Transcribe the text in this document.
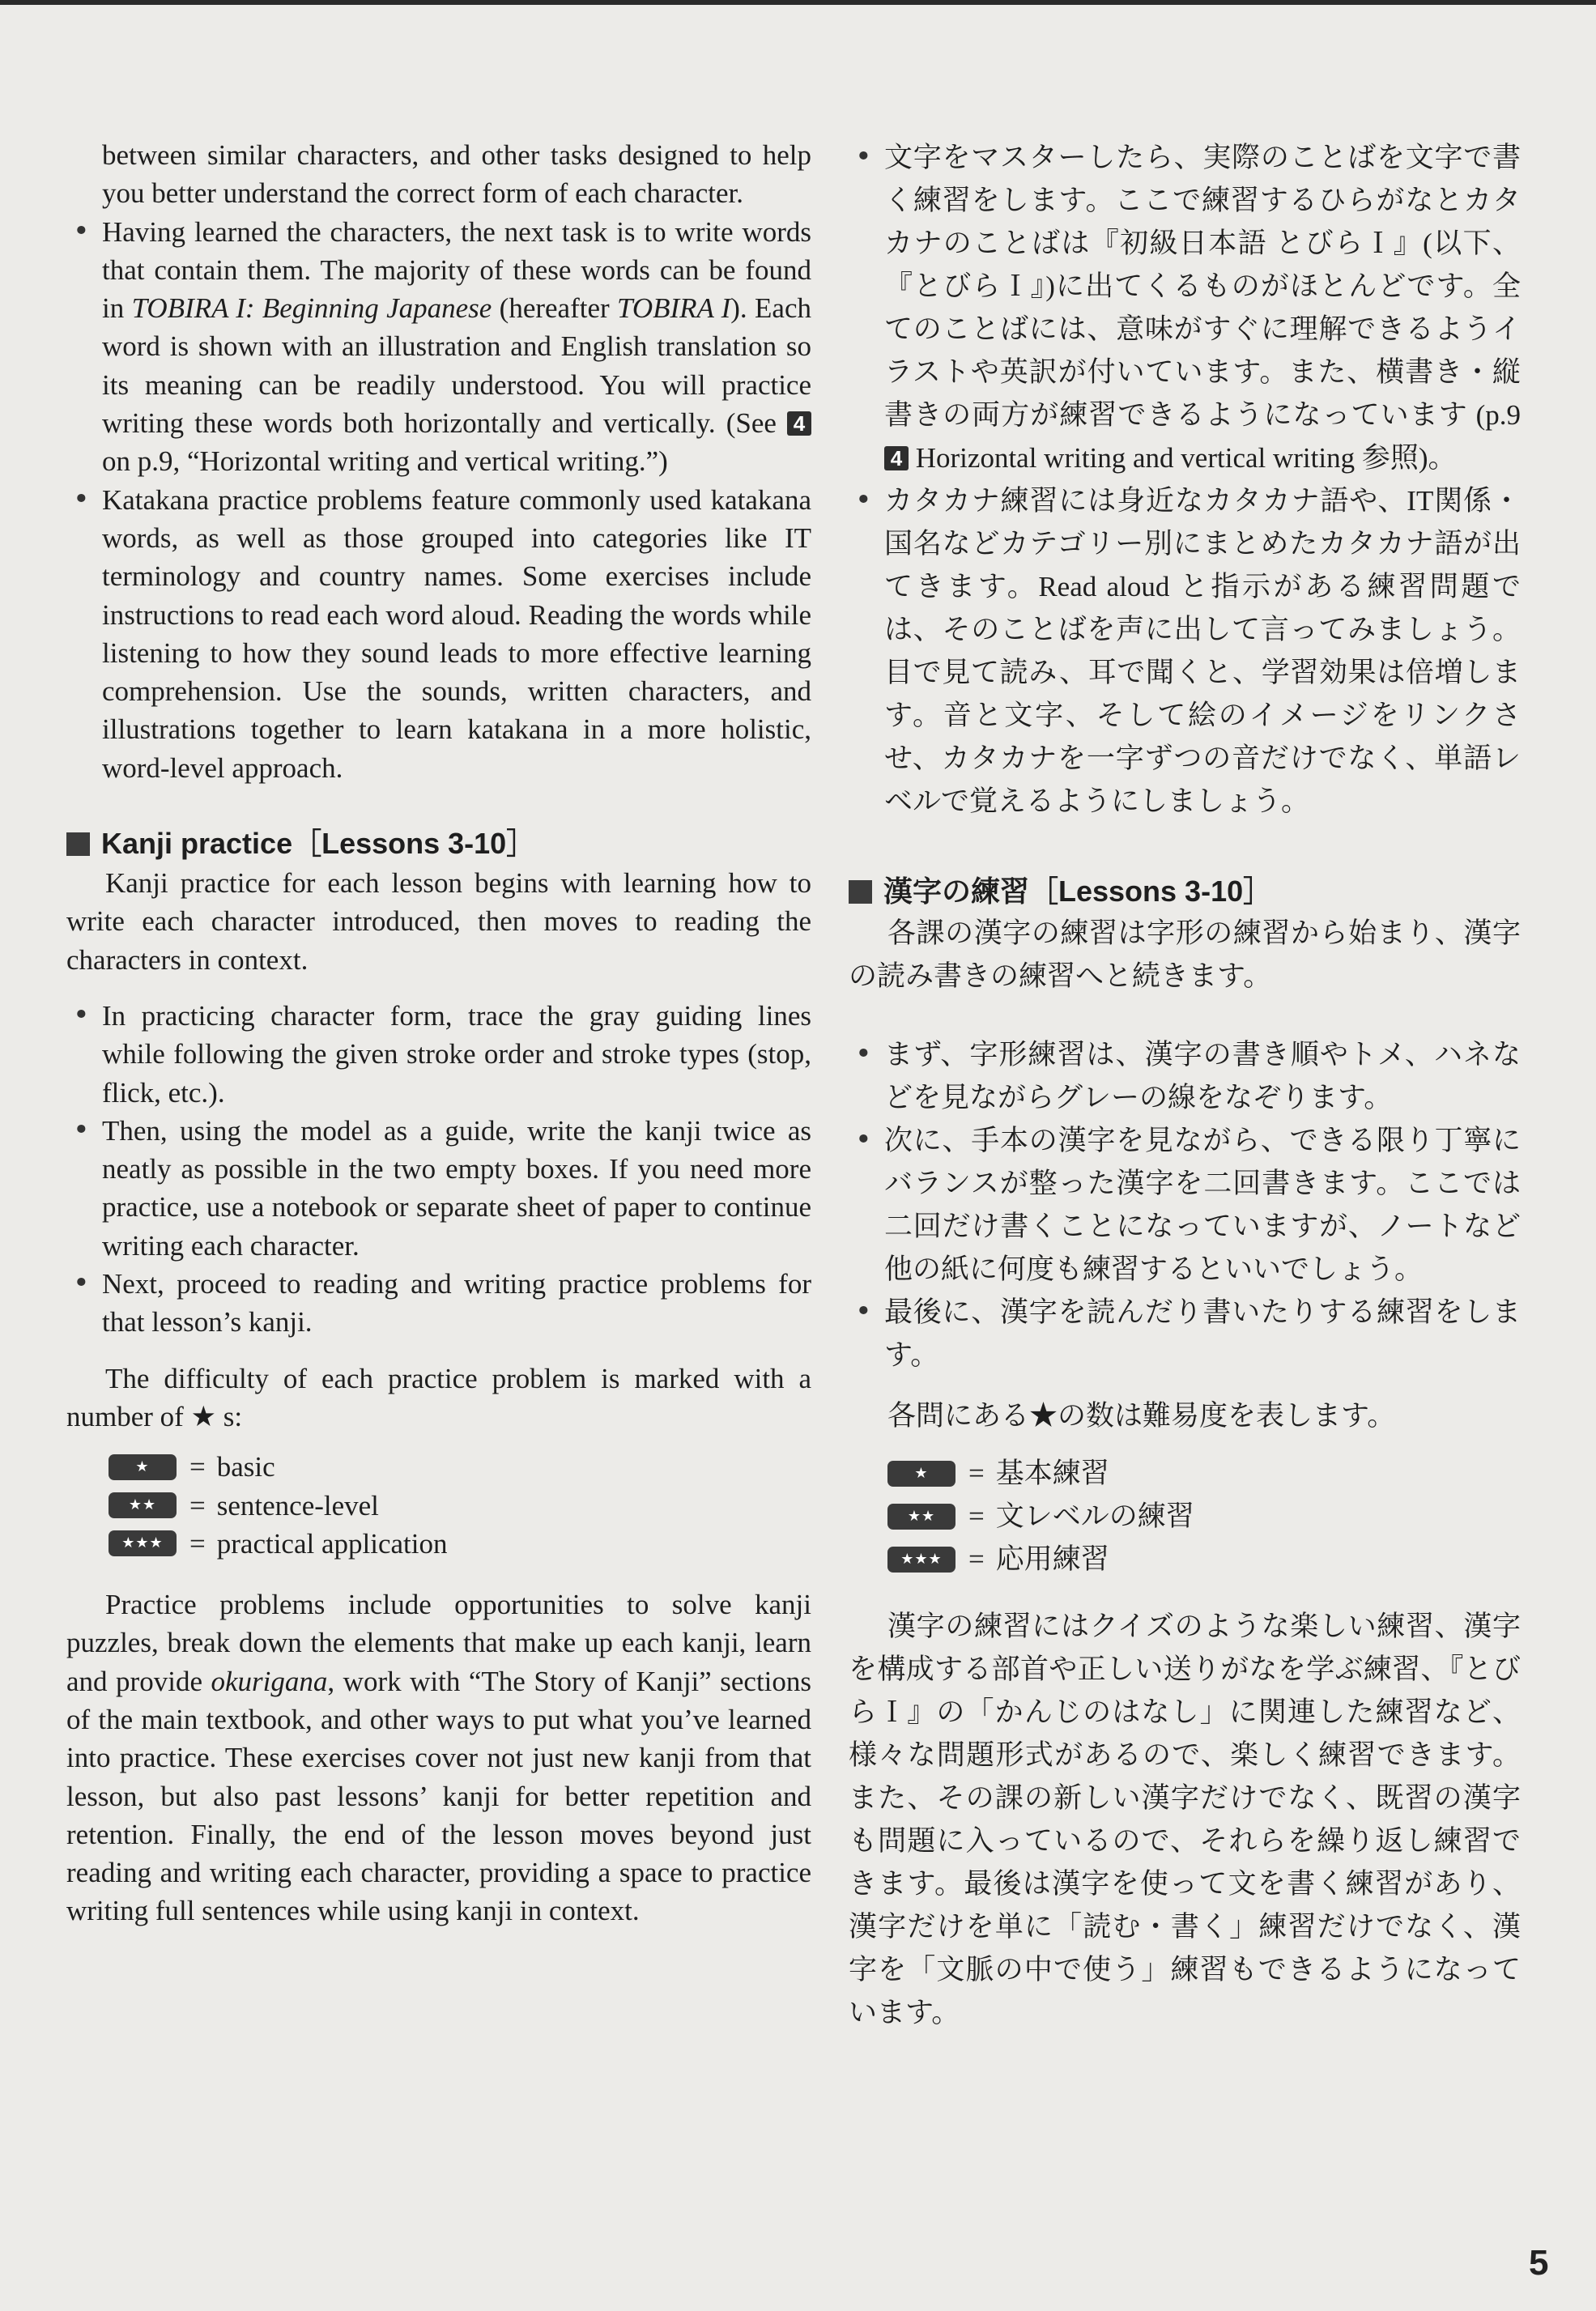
between similar characters, and other tasks designed to help you better understand the correct form of each character.

• Having learned the characters, the next task is to write words that contain them. The majority of these words can be found in TOBIRA I: Beginning Japanese (hereafter TOBIRA I). Each word is shown with an illustration and English translation so its meaning can be readily understood. You will practice writing these words both horizontally and vertically. (See 4 on p.9, “Horizontal writing and vertical writing.”)
• Katakana practice problems feature commonly used katakana words, as well as those grouped into categories like IT terminology and country names. Some exercises include instructions to read each word aloud. Reading the words while listening to how they sound leads to more effective learning comprehension. Use the sounds, written characters, and illustrations together to learn katakana in a more holistic, word-level approach.
Kanji practice［Lessons 3-10］

Kanji practice for each lesson begins with learning how to write each character introduced, then moves to reading the characters in context.

• In practicing character form, trace the gray guiding lines while following the given stroke order and stroke types (stop, flick, etc.).
• Then, using the model as a guide, write the kanji twice as neatly as possible in the two empty boxes. If you need more practice, use a notebook or separate sheet of paper to continue writing each character.
• Next, proceed to reading and writing practice problems for that lesson’s kanji.

The difficulty of each practice problem is marked with a number of ★ s:

★	= basic
★★	= sentence-level
★★★ = practical application

Practice problems include opportunities to solve kanji puzzles, break down the elements that make up each kanji, learn and provide okurigana, work with “The Story of Kanji” sections of the main textbook, and other ways to put what you’ve learned into practice. These exercises cover not just new kanji from that lesson, but also past lessons’ kanji for better repetition and retention. Finally, the end of the lesson moves beyond just reading and writing each character, providing a space to practice writing full sentences while using kanji in context.

• 文字をマスターしたら、実際のことばを文字で書く練習をします。ここで練習するひらがなとカタカナのことばは『初級日本語 とびらＩ』(以下、『とびらＩ』)に出てくるものがほとんどです。全てのことばには、意味がすぐに理解できるようイラストや英訳が付いています。また、横書き・縦書きの両方が練習できるようになっています (p.9 4 Horizontal writing and vertical writing 参照)。
• カタカナ練習には身近なカタカナ語や、IT関係・国名などカテゴリー別にまとめたカタカナ語が出てきます。Read aloud と指示がある練習問題では、そのことばを声に出して言ってみましょう。目で見て読み、耳で聞くと、学習効果は倍増します。音と文字、そして絵のイメージをリンクさせ、カタカナを一字ずつの音だけでなく、単語レベルで覚えるようにしましょう。
漢字の練習［Lessons 3-10］

各課の漢字の練習は字形の練習から始まり、漢字の読み書きの練習へと続きます。

• まず、字形練習は、漢字の書き順やトメ、ハネなどを見ながらグレーの線をなぞります。
• 次に、手本の漢字を見ながら、できる限り丁寧にバランスが整った漢字を二回書きます。ここでは二回だけ書くことになっていますが、ノートなど他の紙に何度も練習するといいでしょう。
• 最後に、漢字を読んだり書いたりする練習をします。

各問にある★の数は難易度を表します。

★	= 基本練習
★★	= 文レベルの練習
★★★ = 応用練習

漢字の練習にはクイズのような楽しい練習、漢字を構成する部首や正しい送りがなを学ぶ練習、『とびらＩ』の「かんじのはなし」に関連した練習など、様々な問題形式があるので、楽しく練習できます。また、その課の新しい漢字だけでなく、既習の漢字も問題に入っているので、それらを繰り返し練習できます。最後は漢字を使って文を書く練習があり、漢字だけを単に「読む・書く」練習だけでなく、漢字を「文脈の中で使う」練習もできるようになっています。

5
